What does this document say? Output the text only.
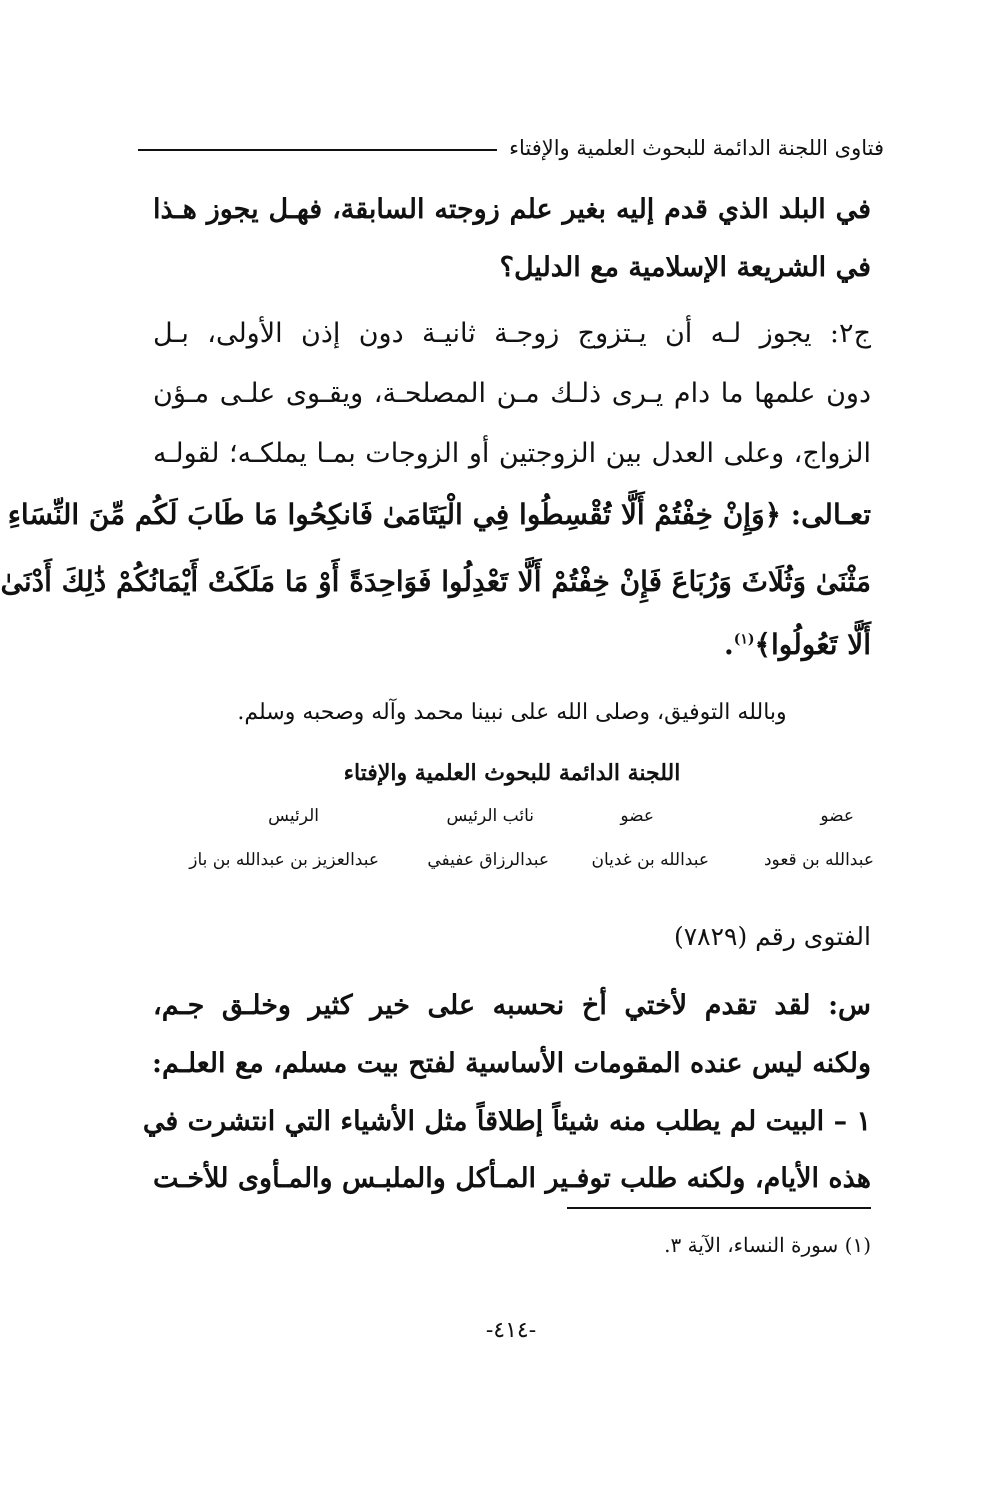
فتاوى اللجنة الدائمة للبحوث العلمية والإفتاء
في البلد الذي قدم إليه بغير علم زوجته السابقة، فهـل يجوز هـذا
في الشريعة الإسلامية مع الدليل؟
ج٢: يجوز لـه أن يـتزوج زوجـة ثانيـة دون إذن الأولى، بـل
دون علمها ما دام يـرى ذلـك مـن المصلحـة، ويقـوى علـى مـؤن
الزواج، وعلى العدل بين الزوجتين أو الزوجات بمـا يملكـه؛ لقولـه
تعـالى: ﴿وَإِنْ خِفْتُمْ أَلَّا تُقْسِطُوا فِي الْيَتَامَىٰ فَانكِحُوا مَا طَابَ لَكُم مِّنَ النِّسَاءِ
مَثْنَىٰ وَثُلَاثَ وَرُبَاعَ فَإِنْ خِفْتُمْ أَلَّا تَعْدِلُوا فَوَاحِدَةً أَوْ مَا مَلَكَتْ أَيْمَانُكُمْ ذَٰلِكَ أَدْنَىٰ
أَلَّا تَعُولُوا﴾$^{(١)}$.
وبالله التوفيق، وصلى الله على نبينا محمد وآله وصحبه وسلم.
اللجنة الدائمة للبحوث العلمية والإفتاء
عضو
عضو
نائب الرئيس
الرئيس
عبدالله بن قعود
عبدالله بن غديان
عبدالرزاق عفيفي
عبدالعزيز بن عبدالله بن باز
الفتوى رقم (٧٨٢٩)
س: لقد تقدم لأختي أخ نحسبه على خير كثير وخلـق جـم،
ولكنه ليس عنده المقومات الأساسية لفتح بيت مسلم، مع العلـم:
١ – البيت لم يطلب منه شيئاً إطلاقاً مثل الأشياء التي انتشرت في
هذه الأيام، ولكنه طلب توفـير المـأكل والملبـس والمـأوى للأخـت
(١) سورة النساء، الآية ٣.
-٤١٤-
